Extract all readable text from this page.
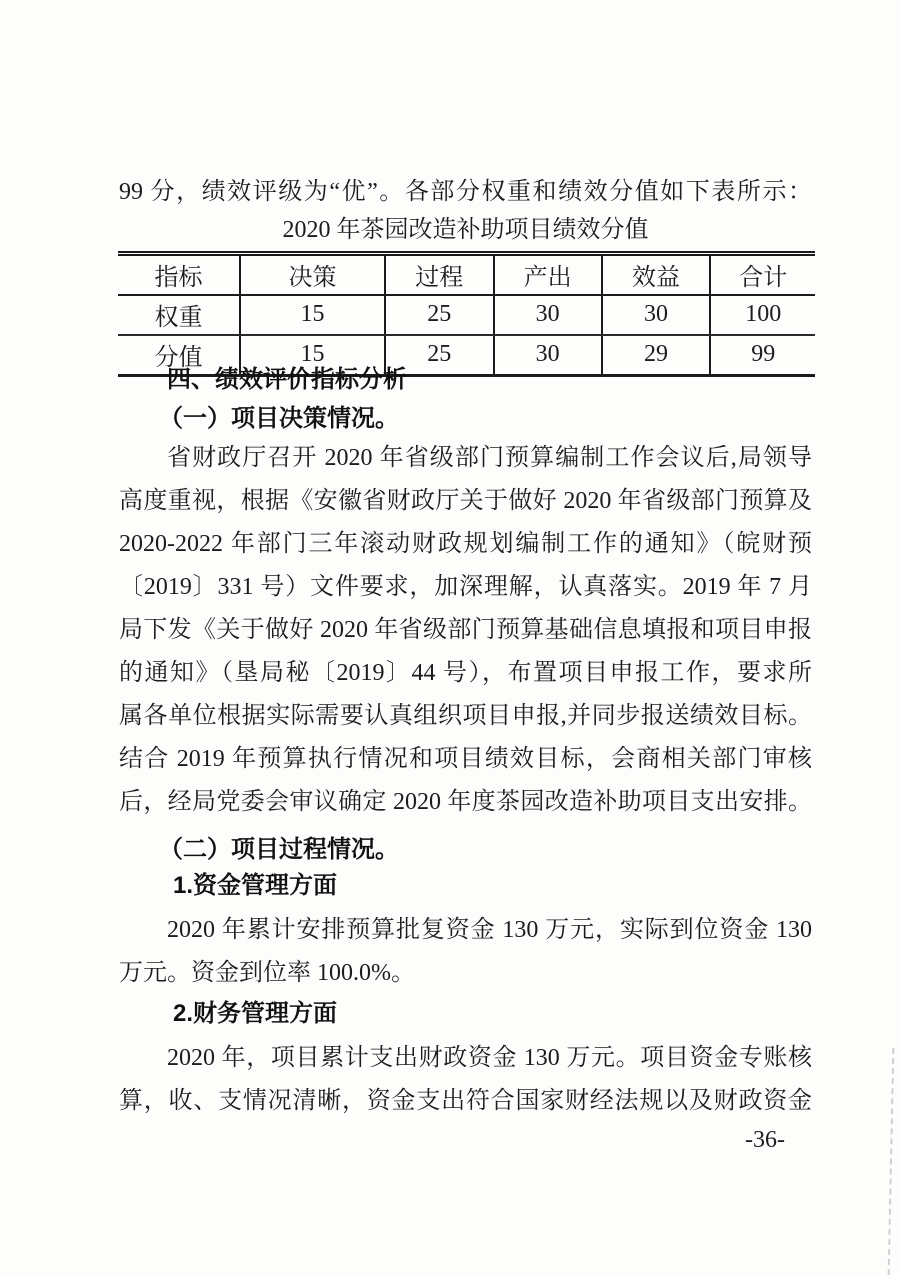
99 分，绩效评级为“优”。各部分权重和绩效分值如下表所示：
2020 年茶园改造补助项目绩效分值
指标	决策	过程	产出	效益	合计
权重	15	25	30	30	100
分值	15	25	30	29	99
四、绩效评价指标分析
（一）项目决策情况。
省财政厅召开 2020 年省级部门预算编制工作会议后,局领导
高度重视，根据《安徽省财政厅关于做好 2020 年省级部门预算及
2020-2022 年部门三年滚动财政规划编制工作的通知》（皖财预
〔2019〕331 号）文件要求，加深理解，认真落实。2019 年 7 月
局下发《关于做好 2020 年省级部门预算基础信息填报和项目申报
的通知》（垦局秘〔2019〕44 号），布置项目申报工作，要求所
属各单位根据实际需要认真组织项目申报,并同步报送绩效目标。
结合 2019 年预算执行情况和项目绩效目标，会商相关部门审核
后，经局党委会审议确定 2020 年度茶园改造补助项目支出安排。
（二）项目过程情况。
1.资金管理方面
2020 年累计安排预算批复资金 130 万元，实际到位资金 130
万元。资金到位率 100.0%。
2.财务管理方面
2020 年，项目累计支出财政资金 130 万元。项目资金专账核
算，收、支情况清晰，资金支出符合国家财经法规以及财政资金
-36-
